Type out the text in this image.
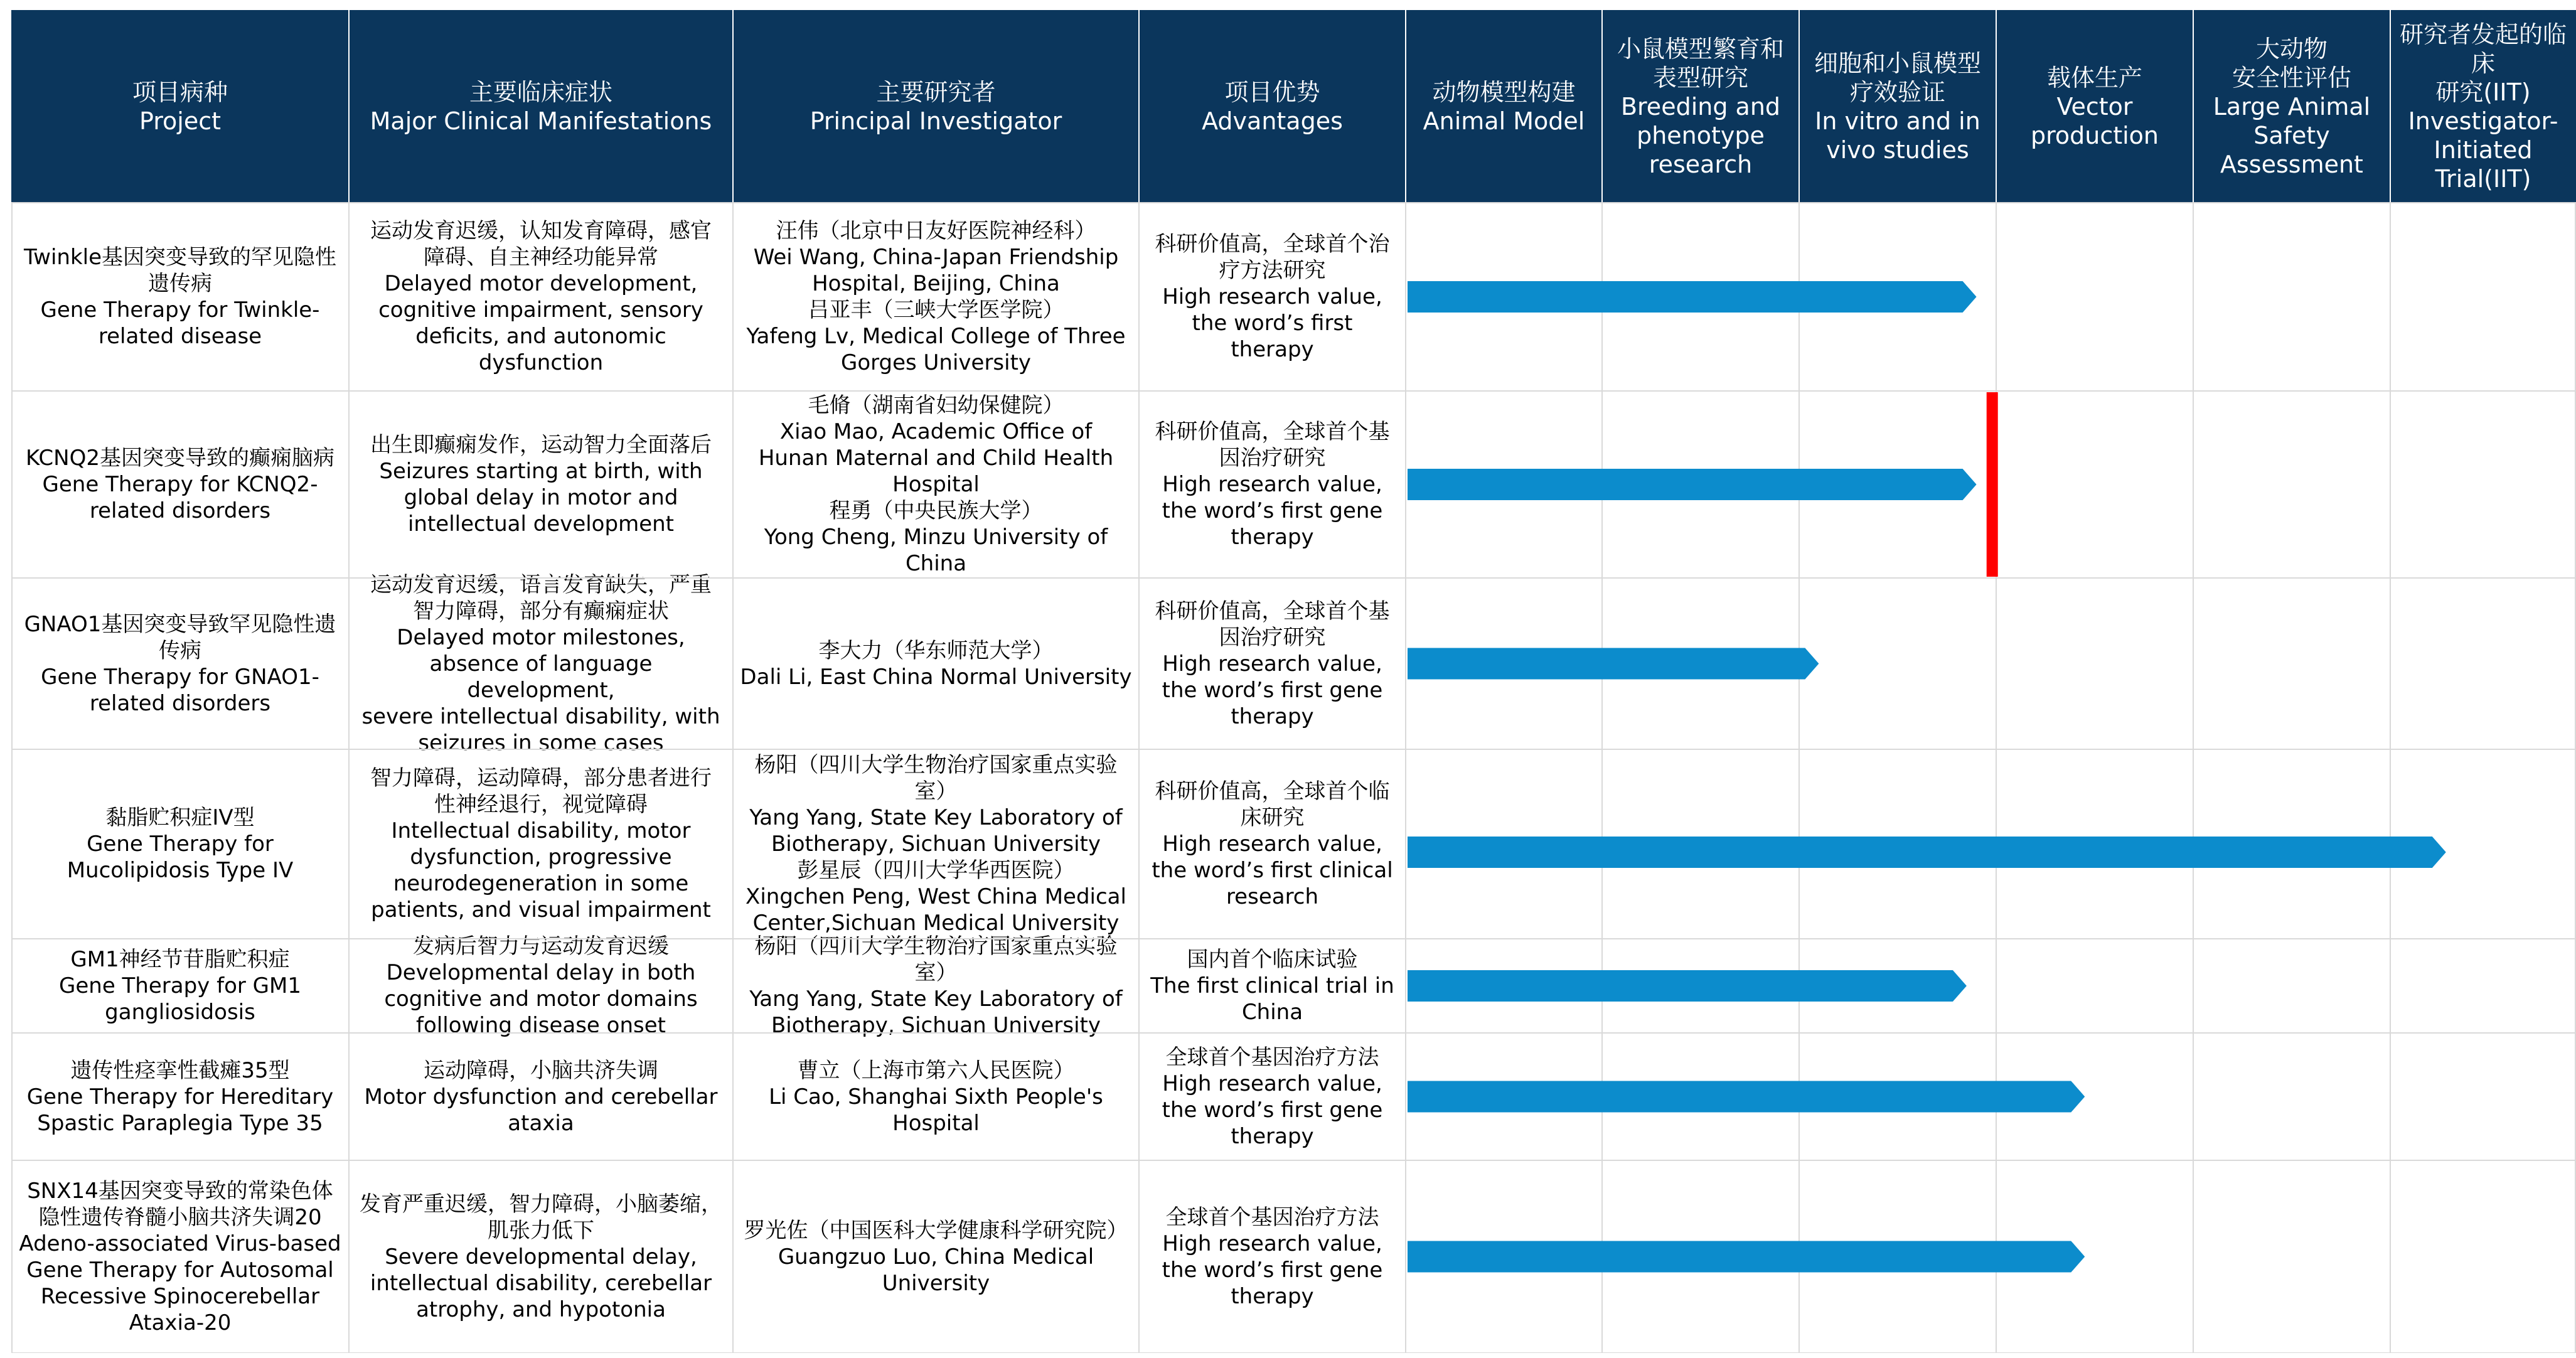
项目病种
Project
主要临床症状
Major Clinical Manifestations
主要研究者
Principal Investigator
项目优势
Advantages
动物模型构建
Animal Model
小鼠模型繁育和
表型研究
Breeding and
phenotype
research
细胞和小鼠模型
疗效验证
In vitro and in
vivo studies
载体生产
Vector
production
大动物
安全性评估
Large Animal
Safety
Assessment
研究者发起的临床
研究(IIT)
Investigator-
Initiated
Trial(IIT)
Twinkle基因突变导致的罕见隐性
遗传病
Gene Therapy for Twinkle-
related disease
运动发育迟缓，认知发育障碍，感官
障碍、自主神经功能异常
Delayed motor development,
cognitive impairment, sensory
deficits, and autonomic
dysfunction
汪伟（北京中日友好医院神经科）
Wei Wang, China-Japan Friendship
Hospital, Beijing, China
吕亚丰（三峡大学医学院）
Yafeng Lv, Medical College of Three
Gorges University
科研价值高，全球首个治
疗方法研究
High research value,
the word’s first
therapy
KCNQ2基因突变导致的癫痫脑病
Gene Therapy for KCNQ2-
related disorders
出生即癫痫发作，运动智力全面落后
Seizures starting at birth, with
global delay in motor and
intellectual development
毛脩（湖南省妇幼保健院）
Xiao Mao, Academic Office of
Hunan Maternal and Child Health
Hospital
程勇（中央民族大学）
Yong Cheng, Minzu University of
China
科研价值高，全球首个基
因治疗研究
High research value,
the word’s first gene
therapy
GNAO1基因突变导致罕见隐性遗
传病
Gene Therapy for GNAO1-
related disorders
运动发育迟缓，语言发育缺失，严重
智力障碍，部分有癫痫症状
Delayed motor milestones,
absence of language development,
severe intellectual disability, with
seizures in some cases
李大力（华东师范大学）
Dali Li, East China Normal University
科研价值高，全球首个基
因治疗研究
High research value,
the word’s first gene
therapy
黏脂贮积症IV型
Gene Therapy for
Mucolipidosis Type IV
智力障碍，运动障碍，部分患者进行
性神经退行，视觉障碍
Intellectual disability, motor
dysfunction, progressive
neurodegeneration in some
patients, and visual impairment
杨阳（四川大学生物治疗国家重点实验
室）
Yang Yang, State Key Laboratory of
Biotherapy, Sichuan University
彭星辰（四川大学华西医院）
Xingchen Peng, West China Medical
Center,Sichuan Medical University
科研价值高，全球首个临
床研究
High research value,
the word’s first clinical
research
GM1神经节苷脂贮积症
Gene Therapy for GM1
gangliosidosis
发病后智力与运动发育迟缓
Developmental delay in both
cognitive and motor domains
following disease onset
杨阳（四川大学生物治疗国家重点实验
室）
Yang Yang, State Key Laboratory of
Biotherapy, Sichuan University
国内首个临床试验
The first clinical trial in
China
遗传性痉挛性截瘫35型
Gene Therapy for Hereditary
Spastic Paraplegia Type 35
运动障碍，小脑共济失调
Motor dysfunction and cerebellar
ataxia
曹立（上海市第六人民医院）
Li Cao, Shanghai Sixth People's
Hospital
全球首个基因治疗方法
High research value,
the word’s first gene
therapy
SNX14基因突变导致的常染色体
隐性遗传脊髓小脑共济失调20
Adeno-associated Virus-based
Gene Therapy for Autosomal
Recessive Spinocerebellar
Ataxia-20
发育严重迟缓，智力障碍，小脑萎缩，
肌张力低下
Severe developmental delay,
intellectual disability, cerebellar
atrophy, and hypotonia
罗光佐（中国医科大学健康科学研究院）
Guangzuo Luo, China Medical
University
全球首个基因治疗方法
High research value,
the word’s first gene
therapy
